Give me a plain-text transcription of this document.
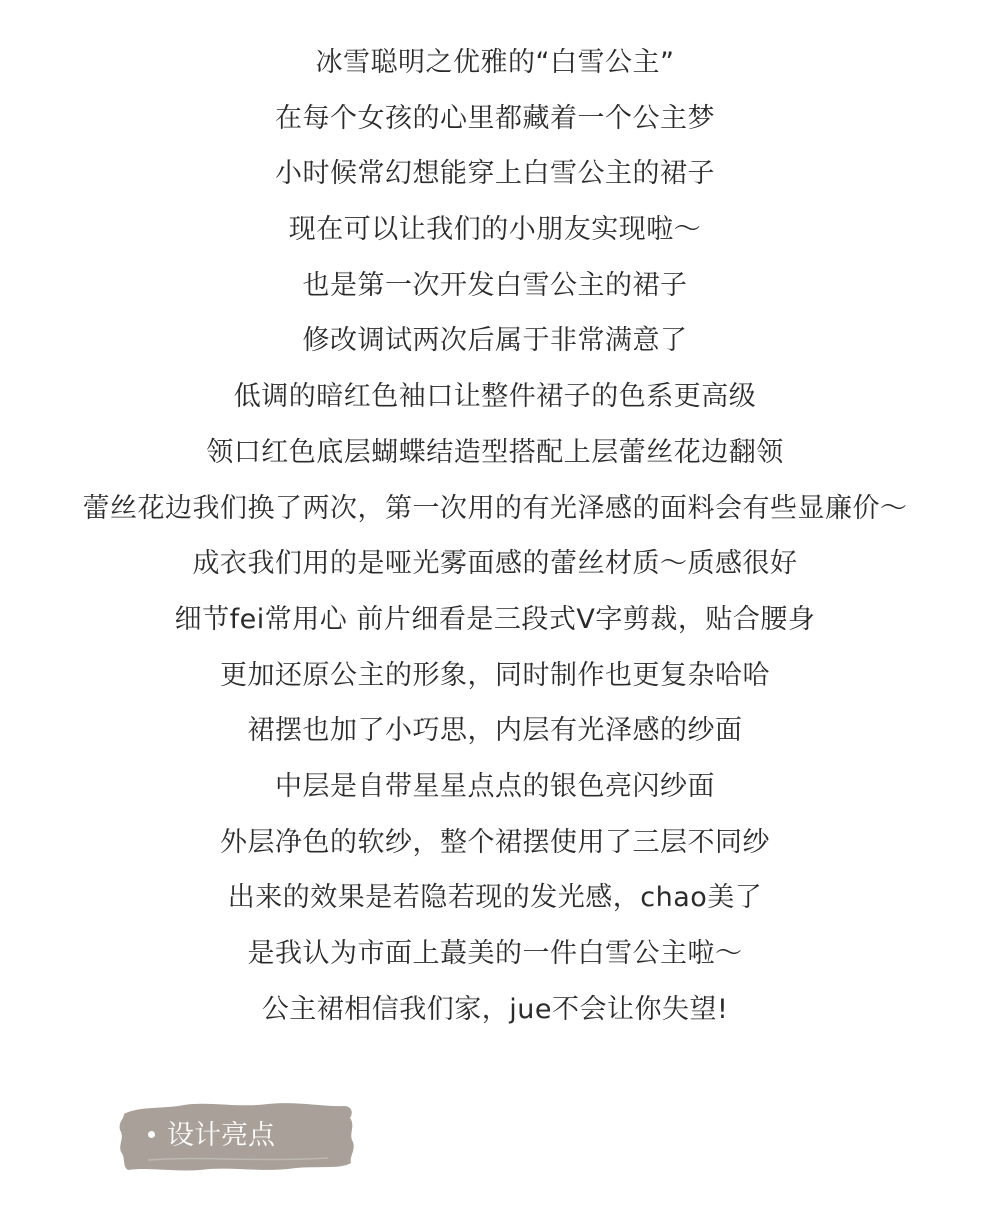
冰雪聪明之优雅的“白雪公主”
在每个女孩的心里都藏着一个公主梦
小时候常幻想能穿上白雪公主的裙子
现在可以让我们的小朋友实现啦～
也是第一次开发白雪公主的裙子
修改调试两次后属于非常满意了
低调的暗红色袖口让整件裙子的色系更高级
领口红色底层蝴蝶结造型搭配上层蕾丝花边翻领
蕾丝花边我们换了两次，第一次用的有光泽感的面料会有些显廉价～
成衣我们用的是哑光雾面感的蕾丝材质～质感很好
细节fei常用心 前片细看是三段式V字剪裁，贴合腰身
更加还原公主的形象，同时制作也更复杂哈哈
裙摆也加了小巧思，内层有光泽感的纱面
中层是自带星星点点的银色亮闪纱面
外层净色的软纱，整个裙摆使用了三层不同纱
出来的效果是若隐若现的发光感，chao美了
是我认为市面上蕞美的一件白雪公主啦～
公主裙相信我们家，jue不会让你失望!
设计亮点
